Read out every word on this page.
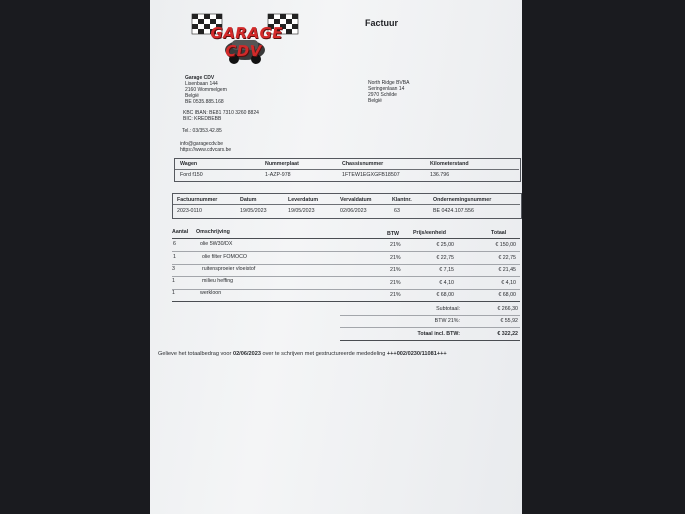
GARAGE CDV
Factuur
Garage CDV
Lisenbaan 144
2160 Wommelgem
België
BE 0535.885.168
KBC IBAN: BE81 7310 3260 8824
BIC: KREDBEBB
Tel.: 03/353.42.85
info@garagecdv.be
https://www.cdvcars.be
North Ridge BVBA
Seringenlaan 14
2970 Schilde
België
Wagen	Nummerplaat	Chassisnummer	Kilometerstand
Ford f150	1-AZP-978	1FTEW1EGXGFB18507	136.796
Factuurnummer	Datum	Leverdatum	Vervaldatum	Klantnr.	Ondernemingsnummer
2023-0110	19/05/2023	19/05/2023	02/06/2023	63	BE 0424.107.556
Aantal Omschrijving	BTW	Prijs/eenheid	Totaal
6	olie 5W30/DX	21%	€ 25,00	€ 150,00
1	olie filter FOMOCO	21%	€ 22,75	€ 22,75
3	ruitensproeier vloeistof	21%	€ 7,15	€ 21,45
1	milieu heffing	21%	€ 4,10	€ 4,10
1	werkloon	21%	€ 68,00	€ 68,00
Subtotaal:	€ 266,30
BTW 21%:	€ 55,92
Totaal incl. BTW:	€ 322,22
Gelieve het totaalbedrag voor 02/06/2023 over te schrijven met gestructureerde mededeling +++002/0230/11081+++
